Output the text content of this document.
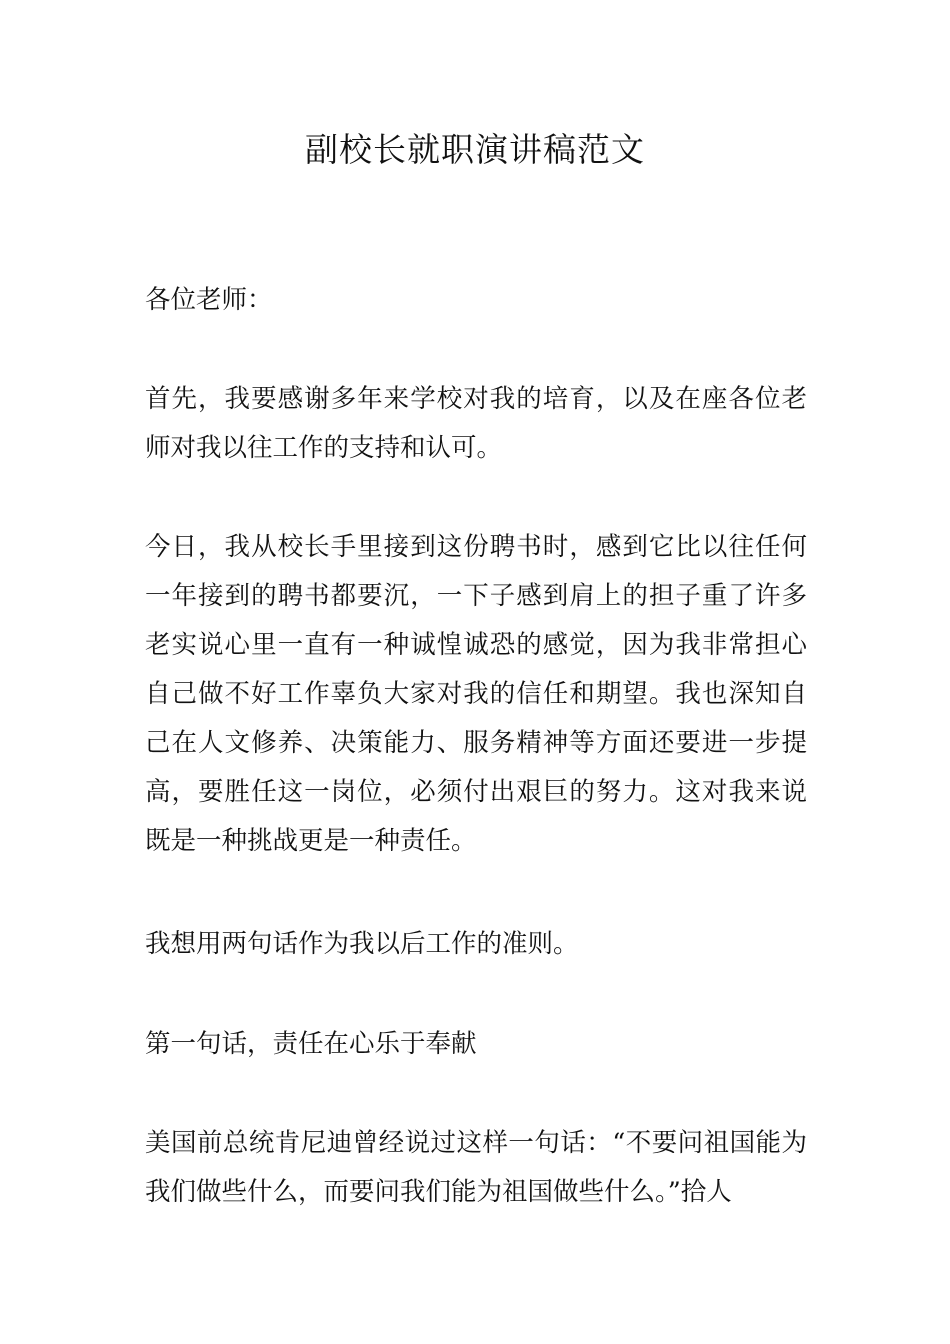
副校长就职演讲稿范文

各位老师：

首先，我要感谢多年来学校对我的培育，以及在座各位老师对我以往工作的支持和认可。

今日，我从校长手里接到这份聘书时，感到它比以往任何一年接到的聘书都要沉，一下子感到肩上的担子重了许多老实说心里一直有一种诚惶诚恐的感觉，因为我非常担心自己做不好工作辜负大家对我的信任和期望。我也深知自己在人文修养、决策能力、服务精神等方面还要进一步提高，要胜任这一岗位，必须付出艰巨的努力。这对我来说既是一种挑战更是一种责任。

我想用两句话作为我以后工作的准则。

第一句话，责任在心乐于奉献

美国前总统肯尼迪曾经说过这样一句话：“不要问祖国能为我们做些什么，而要问我们能为祖国做些什么。”拾人
